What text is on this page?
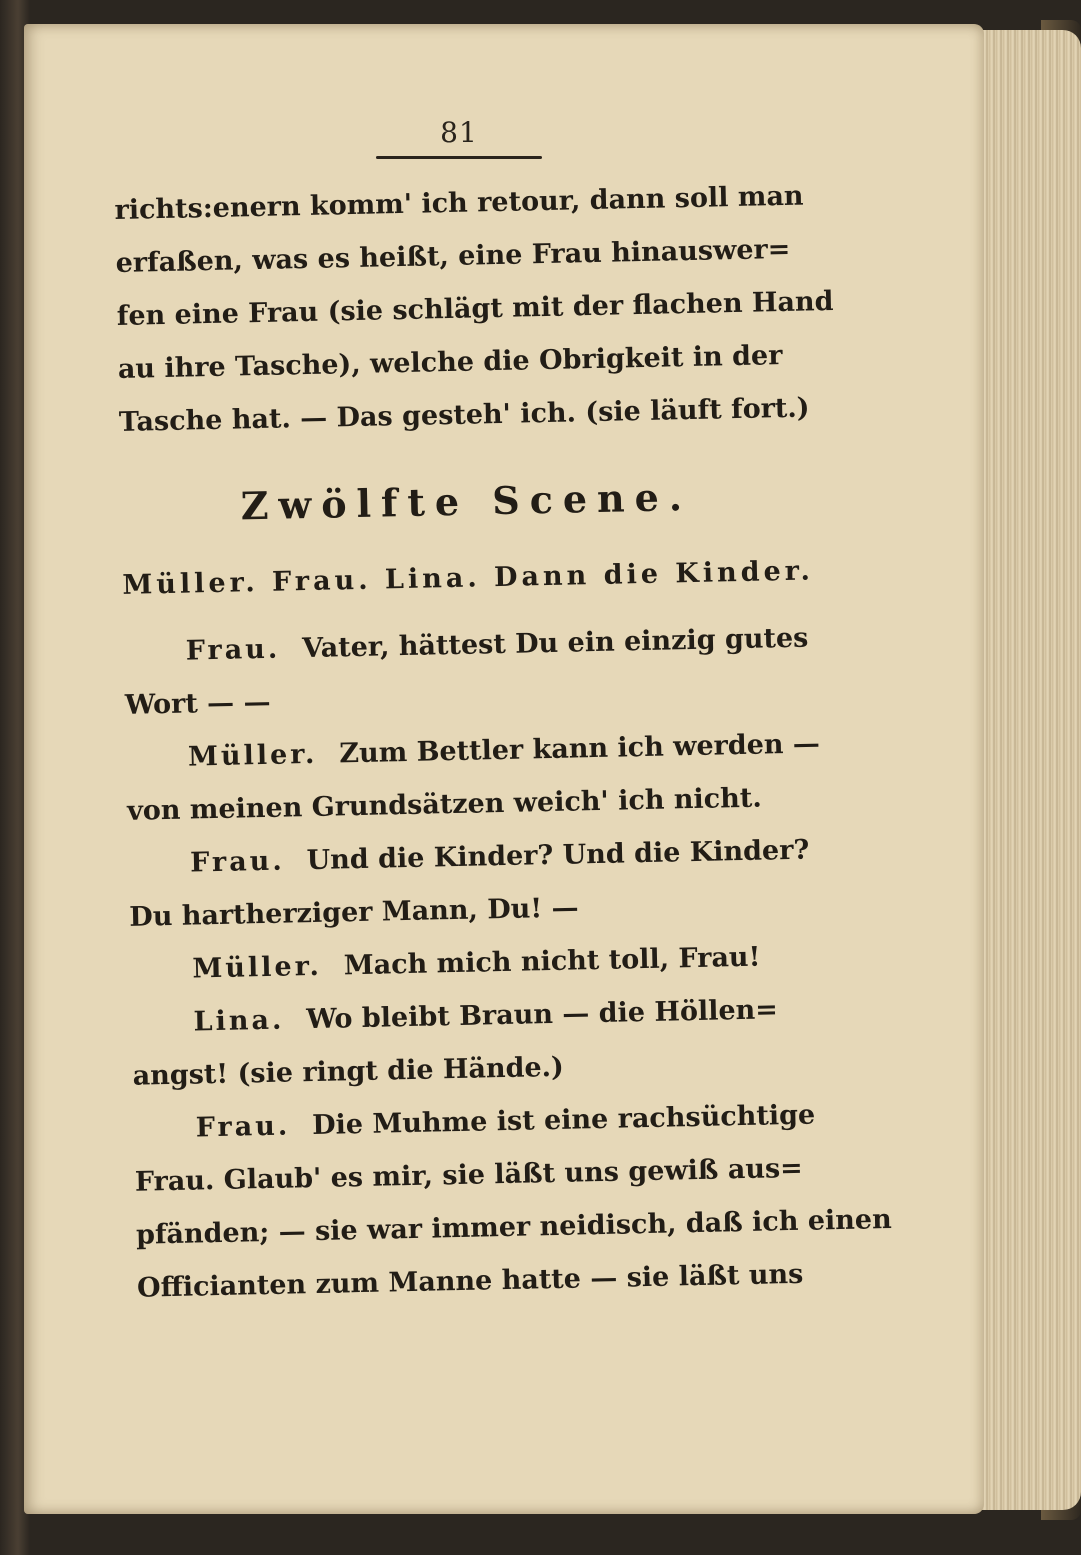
81
richts:enern komm' ich retour, dann soll man
erfaßen, was es heißt, eine Frau hinauswer=
fen eine Frau (sie schlägt mit der flachen Hand
au ihre Tasche), welche die Obrigkeit in der
Tasche hat. — Das gesteh' ich. (sie läuft fort.)
Zwölfte Scene.
Müller. Frau. Lina. Dann die Kinder.
Frau. Vater, hättest Du ein einzig gutes
Wort — —
Müller. Zum Bettler kann ich werden —
von meinen Grundsätzen weich' ich nicht.
Frau. Und die Kinder? Und die Kinder?
Du hartherziger Mann, Du! —
Müller. Mach mich nicht toll, Frau!
Lina. Wo bleibt Braun — die Höllen=
angst! (sie ringt die Hände.)
Frau. Die Muhme ist eine rachsüchtige
Frau. Glaub' es mir, sie läßt uns gewiß aus=
pfänden; — sie war immer neidisch, daß ich einen
Officianten zum Manne hatte — sie läßt uns
